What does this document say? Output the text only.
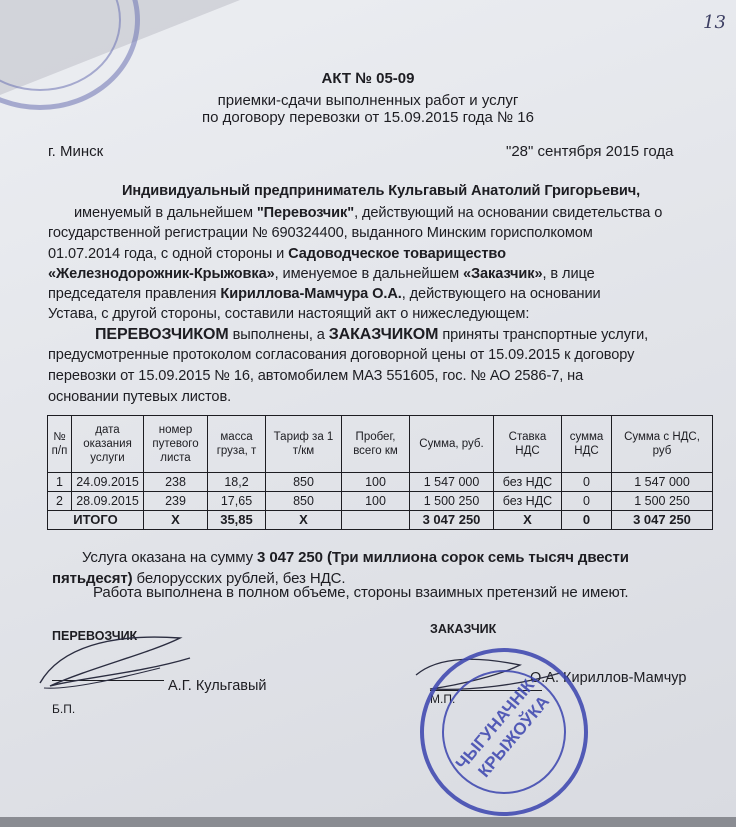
13
АКТ № 05-09
приемки-сдачи выполненных работ и услуг
по договору перевозки от 15.09.2015 года № 16
г. Минск	"28" сентября 2015 года
Индивидуальный предприниматель Кульгавый Анатолий Григорьевич,
именуемый в дальнейшем "Перевозчик", действующий на основании свидетельства о
государственной регистрации № 690324400, выданного Минским горисполкомом
01.07.2014 года, с одной стороны и Садоводческое товарищество
«Железнодорожник-Крыжовка», именуемое в дальнейшем «Заказчик», в лице
председателя правления Кириллова-Мамчура О.А., действующего на основании
Устава, с другой стороны, составили настоящий акт о нижеследующем:
ПЕРЕВОЗЧИКОМ выполнены, а ЗАКАЗЧИКОМ приняты транспортные услуги,
предусмотренные протоколом согласования договорной цены от 15.09.2015 к договору
перевозки от 15.09.2015 № 16, автомобилем МАЗ 551605, гос. № АО 2586-7, на
основании путевых листов.
№ п/п	дата оказания услуги	номер путевого листа	масса груза, т	Тариф за 1 т/км	Пробег, всего км	Сумма, руб.	Ставка НДС	сумма НДС	Сумма с НДС, руб
1	24.09.2015	238	18,2	850	100	1 547 000	без НДС	0	1 547 000
2	28.09.2015	239	17,65	850	100	1 500 250	без НДС	0	1 500 250
ИТОГО		Х	35,85	Х		3 047 250	Х	0	3 047 250
Услуга оказана на сумму 3 047 250 (Три миллиона сорок семь тысяч двести
пятьдесят) белорусских рублей, без НДС.
Работа выполнена в полном объеме, стороны взаимных претензий не имеют.
ПЕРЕВОЗЧИК
А.Г. Кульгавый
Б.П.
ЗАКАЗЧИК
О.А. Кириллов-Мамчур
М.П.
ЧЫГУНАЧНІК-КРЫЖОЎКА
